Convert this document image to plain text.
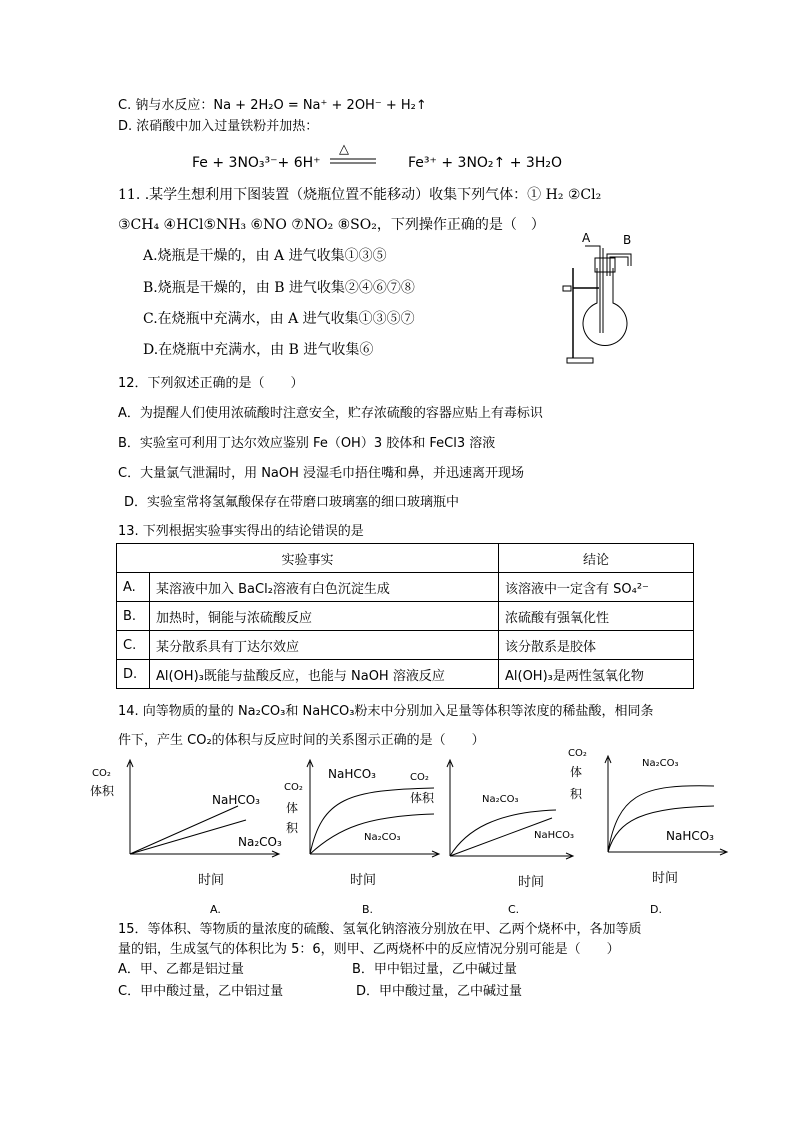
C. 钠与水反应：Na + 2H₂O = Na⁺ + 2OH⁻ + H₂↑
D. 浓硝酸中加入过量铁粉并加热：
Fe + 3NO₃³⁻+ 6H⁺
△
Fe³⁺ + 3NO₂↑ + 3H₂O
11. .某学生想利用下图装置（烧瓶位置不能移动）收集下列气体：① H₂ ②Cl₂
③CH₄ ④HCl⑤NH₃ ⑥NO ⑦NO₂ ⑧SO₂，下列操作正确的是（　）
A.烧瓶是干燥的，由 A 进气收集①③⑤
B.烧瓶是干燥的，由 B 进气收集②④⑥⑦⑧
C.在烧瓶中充满水，由 A 进气收集①③⑤⑦
D.在烧瓶中充满水，由 B 进气收集⑥
A	B
12．下列叙述正确的是（　　）
A．为提醒人们使用浓硫酸时注意安全，贮存浓硫酸的容器应贴上有毒标识
B．实验室可利用丁达尔效应鉴别 Fe（OH）3 胶体和 FeCl3 溶液
C．大量氯气泄漏时，用 NaOH 浸湿毛巾捂住嘴和鼻，并迅速离开现场
D．实验室常将氢氟酸保存在带磨口玻璃塞的细口玻璃瓶中
13. 下列根据实验事实得出的结论错误的是
实验事实		结论
A.	某溶液中加入 BaCl₂溶液有白色沉淀生成	该溶液中一定含有 SO₄²⁻
B.	加热时，铜能与浓硫酸反应	浓硫酸有强氧化性
C.	某分散系具有丁达尔效应	该分散系是胶体
D.	Al(OH)₃既能与盐酸反应，也能与 NaOH 溶液反应	Al(OH)₃是两性氢氧化物
14. 向等物质的量的 Na₂CO₃和 NaHCO₃粉末中分别加入足量等体积等浓度的稀盐酸，相同条
件下，产生 CO₂的体积与反应时间的关系图示正确的是（　　）
CO₂
体积
NaHCO₃
Na₂CO₃
时间
A.
CO₂
体
积
NaHCO₃
Na₂CO₃
时间
B.
CO₂
体积	Na₂CO₃
NaHCO₃
时间
C.
CO₂
体
积
Na₂CO₃
NaHCO₃
时间
D.
15．等体积、等物质的量浓度的硫酸、氢氧化钠溶液分别放在甲、乙两个烧杯中，各加等质
量的铝，生成氢气的体积比为 5：6，则甲、乙两烧杯中的反应情况分别可能是（　　）
A．甲、乙都是铝过量	B．甲中铝过量，乙中碱过量
C．甲中酸过量，乙中铝过量	D．甲中酸过量，乙中碱过量
